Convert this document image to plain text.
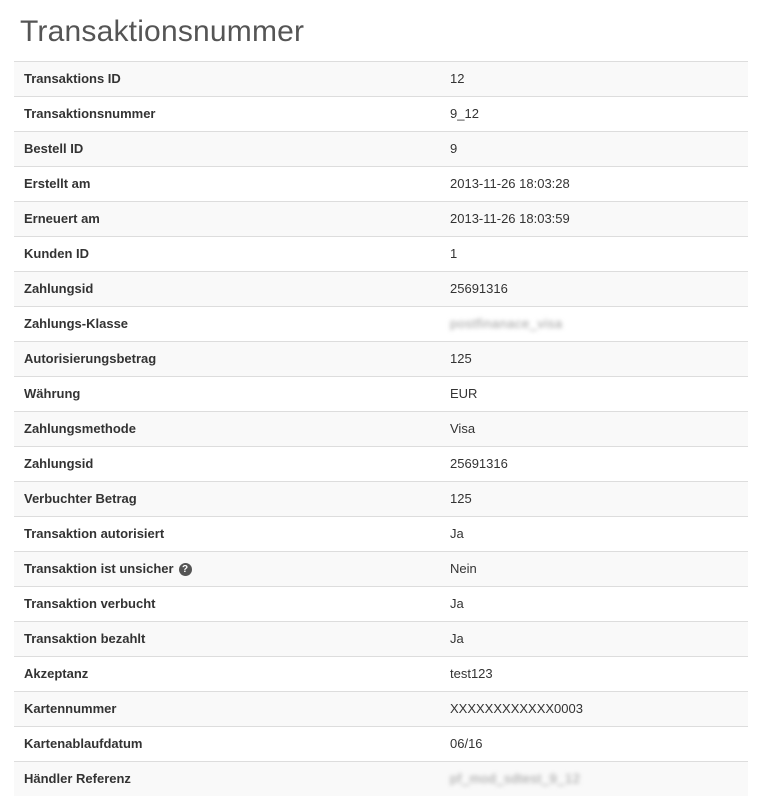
Transaktionsnummer
Transaktions ID	12
Transaktionsnummer	9_12
Bestell ID	9
Erstellt am	2013-11-26 18:03:28
Erneuert am	2013-11-26 18:03:59
Kunden ID	1
Zahlungsid	25691316
Zahlungs-Klasse	postfinanace_visa
Autorisierungsbetrag	125
Währung	EUR
Zahlungsmethode	Visa
Zahlungsid	25691316
Verbuchter Betrag	125
Transaktion autorisiert	Ja
Transaktion ist unsicher ?	Nein
Transaktion verbucht	Ja
Transaktion bezahlt	Ja
Akzeptanz	test123
Kartennummer	XXXXXXXXXXXX0003
Kartenablaufdatum	06/16
Händler Referenz	pf_mod_sdtest_9_12
